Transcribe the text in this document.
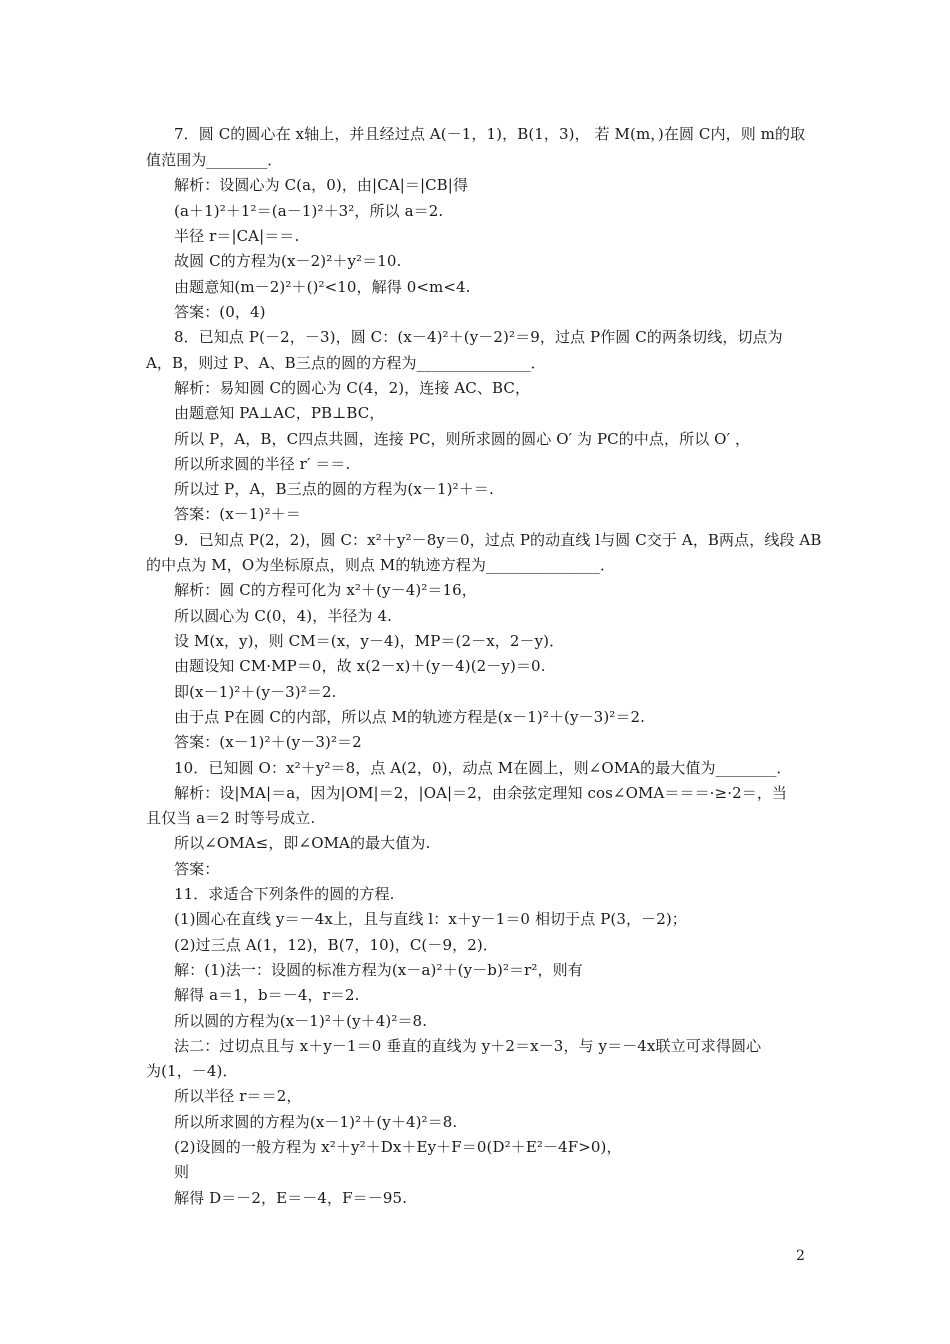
7．圆 C的圆心在 x轴上，并且经过点 A(－1，1)，B(1，3)， 若 M(m，)在圆 C内，则 m的取
值范围为________．
解析：设圆心为 C(a，0)，由|CA|＝|CB|得
(a＋1)²＋1²＝(a－1)²＋3²，所以 a＝2.
半径 r＝|CA|＝＝.
故圆 C的方程为(x－2)²＋y²＝10.
由题意知(m－2)²＋()²<10，解得 0<m<4.
答案：(0，4)
8．已知点 P(－2，－3)，圆 C：(x－4)²＋(y－2)²＝9，过点 P作圆 C的两条切线，切点为
A，B，则过 P、A、B三点的圆的方程为_______________．
解析：易知圆 C的圆心为 C(4，2)，连接 AC、BC，
由题意知 PA⊥AC，PB⊥BC，
所以 P，A，B，C四点共圆，连接 PC，则所求圆的圆心 O′ 为 PC的中点，所以 O′ ，
所以所求圆的半径 r′ ＝＝.
所以过 P，A，B三点的圆的方程为(x－1)²＋＝.
答案：(x－1)²＋＝
9．已知点 P(2，2)，圆 C：x²＋y²－8y＝0，过点 P的动直线 l与圆 C交于 A，B两点，线段 AB
的中点为 M，O为坐标原点，则点 M的轨迹方程为_______________．
解析：圆 C的方程可化为 x²＋(y－4)²＝16，
所以圆心为 C(0，4)，半径为 4.
设 M(x，y)，则 CM＝(x，y－4)，MP＝(2－x，2－y)．
由题设知 CM·MP＝0，故 x(2－x)＋(y－4)(2－y)＝0.
即(x－1)²＋(y－3)²＝2.
由于点 P在圆 C的内部，所以点 M的轨迹方程是(x－1)²＋(y－3)²＝2.
答案：(x－1)²＋(y－3)²＝2
10．已知圆 O：x²＋y²＝8，点 A(2，0)，动点 M在圆上，则∠OMA的最大值为________．
解析：设|MA|＝a，因为|OM|＝2，|OA|＝2，由余弦定理知 cos∠OMA＝＝＝·≥·2＝，当
且仅当 a＝2 时等号成立.
所以∠OMA≤，即∠OMA的最大值为.
答案：
11．求适合下列条件的圆的方程.
(1)圆心在直线 y＝－4x上，且与直线 l：x＋y－1＝0 相切于点 P(3，－2)；
(2)过三点 A(1，12)，B(7，10)，C(－9，2)．
解：(1)法一：设圆的标准方程为(x－a)²＋(y－b)²＝r²，则有
解得 a＝1，b＝－4，r＝2.
所以圆的方程为(x－1)²＋(y＋4)²＝8.
法二：过切点且与 x＋y－1＝0 垂直的直线为 y＋2＝x－3，与 y＝－4x联立可求得圆心
为(1，－4)．
所以半径 r＝＝2，
所以所求圆的方程为(x－1)²＋(y＋4)²＝8.
(2)设圆的一般方程为 x²＋y²＋Dx＋Ey＋F＝0(D²＋E²－4F>0)，
则
解得 D＝－2，E＝－4，F＝－95.
2
